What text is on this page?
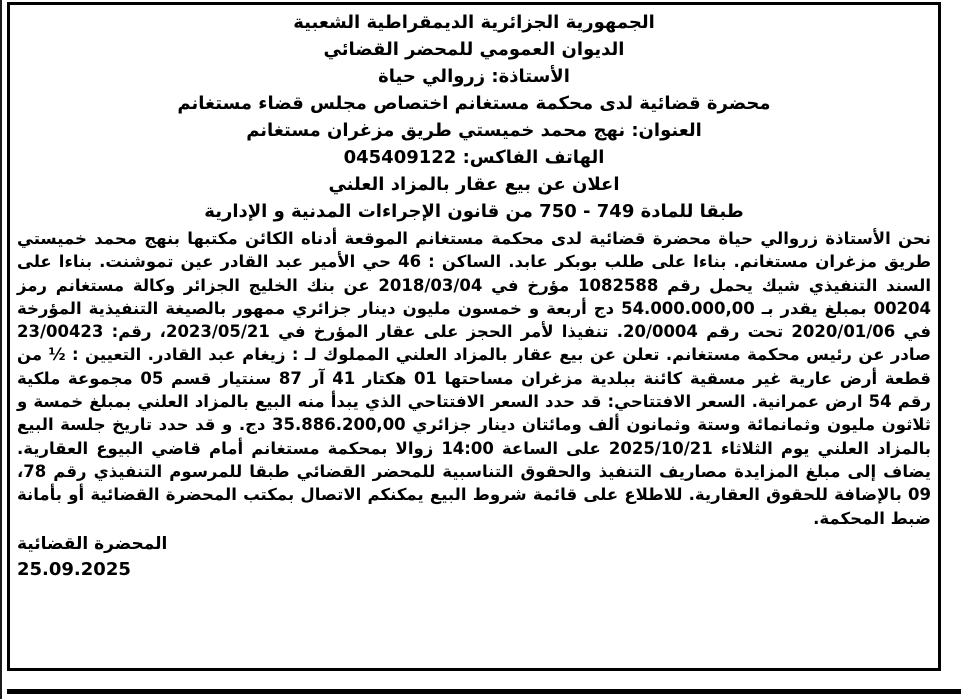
الجمهورية الجزائرية الديمقراطية الشعبية
الديوان العمومي للمحضر القضائي
الأستاذة: زروالي حياة
محضرة قضائية لدى محكمة مستغانم اختصاص مجلس قضاء مستغانم
العنوان: نهج محمد خميستي طريق مزغران مستغانم
الهاتف الفاكس: 045409122
اعلان عن بيع عقار بالمزاد العلني
طبقا للمادة 749 - 750 من قانون الإجراءات المدنية و الإدارية

نحن الأستاذة زروالي حياة محضرة قضائية لدى محكمة مستغانم الموقعة أدناه الكائن مكتبها بنهج محمد خميستي طريق مزغران مستغانم. بناءا على طلب بوبكر عابد. الساكن : 46 حي الأمير عبد القادر عين تموشنت. بناءا على السند التنفيذي شيك يحمل رقم 1082588 مؤرخ في 2018/03/04 عن بنك الخليج الجزائر وكالة مستغانم رمز 00204 بمبلغ يقدر بـ 54.000.000,00 دج أربعة و خمسون مليون دينار جزائري ممهور بالصيغة التنفيذية المؤرخة في 2020/01/06 تحت رقم 20/0004. تنفيذا لأمر الحجز على عقار المؤرخ في 2023/05/21، رقم: 23/00423 صادر عن رئيس محكمة مستغانم. تعلن عن بيع عقار بالمزاد العلني المملوك لـ : زيغام عبد القادر. التعيين : ½ من قطعة أرض عارية غير مسقية كائنة ببلدية مزغران مساحتها 01 هكتار 41 آر 87 سنتيار قسم 05 مجموعة ملكية رقم 54 ارض عمرانية. السعر الافتتاحي: قد حدد السعر الافتتاحي الذي يبدأ منه البيع بالمزاد العلني بمبلغ خمسة و ثلاثون مليون وثمانمائة وستة وثمانون ألف ومائتان دينار جزائري 35.886.200,00 دج. و قد حدد تاريخ جلسة البيع بالمزاد العلني يوم الثلاثاء 2025/10/21 على الساعة 14:00 زوالا بمحكمة مستغانم أمام قاضي البيوع العقارية. يضاف إلى مبلغ المزايدة مصاريف التنفيذ والحقوق التناسبية للمحضر القضائي طبقا للمرسوم التنفيذي رقم 78، 09 بالإضافة للحقوق العقارية. للاطلاع على قائمة شروط البيع يمكنكم الاتصال بمكتب المحضرة القضائية أو بأمانة ضبط المحكمة.

المحضرة القضائية
25.09.2025
